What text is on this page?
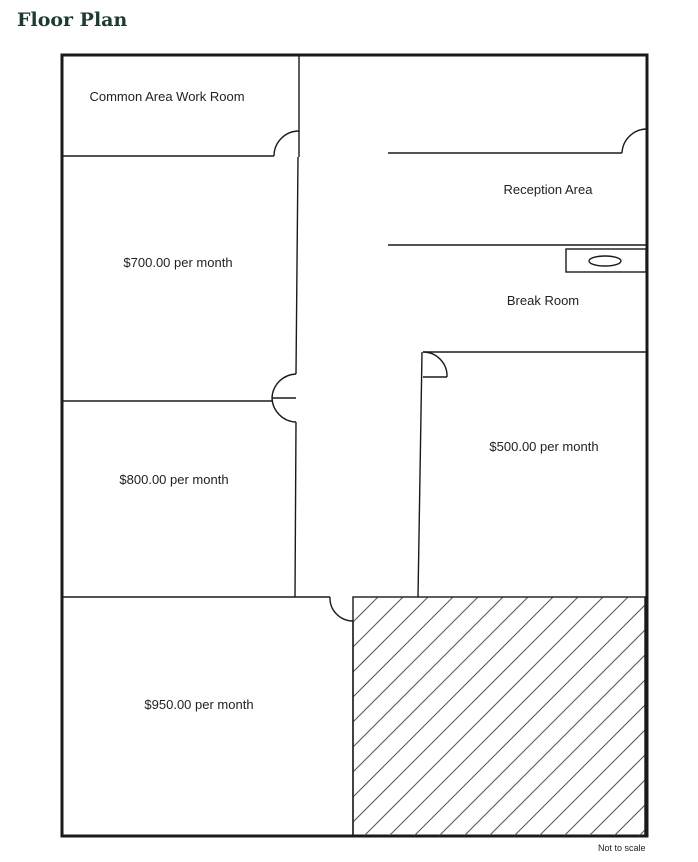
Floor Plan
Common Area Work Room
$700.00 per month
$800.00 per month
$950.00 per month
Reception Area
Break Room
$500.00 per month
Not to scale
